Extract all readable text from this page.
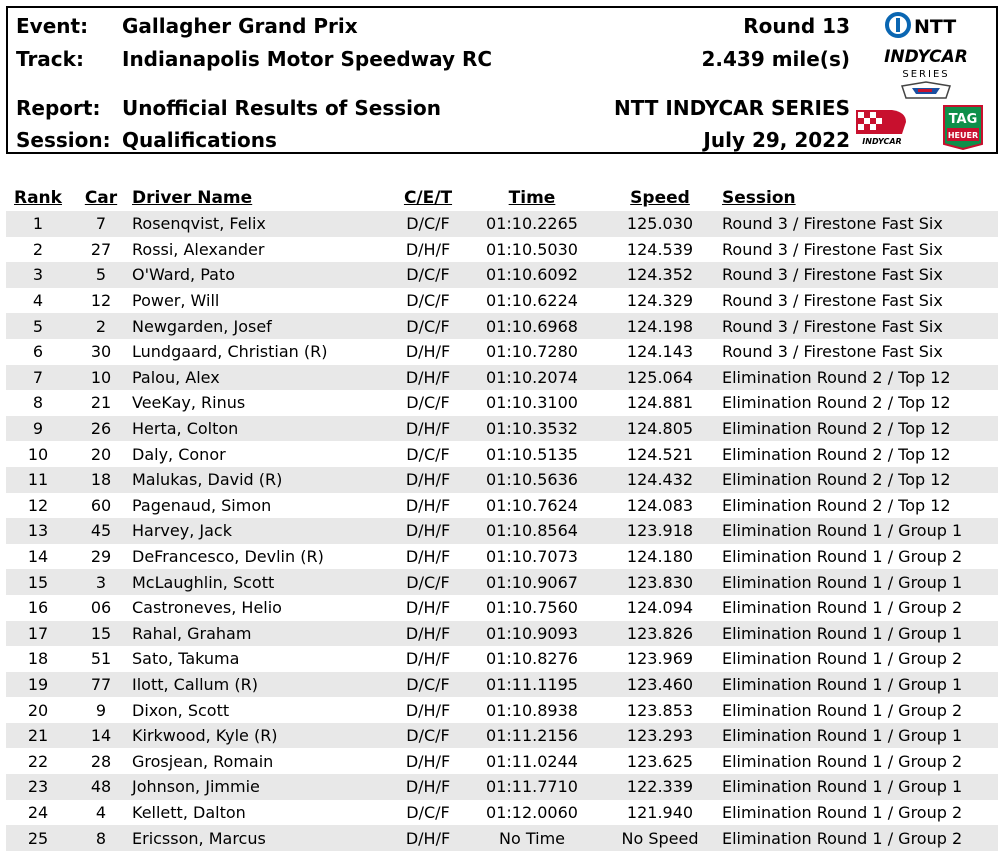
Event: Gallagher Grand Prix
Track: Indianapolis Motor Speedway RC
Report: Unofficial Results of Session
Session: Qualifications
Round 13
2.439 mile(s)
NTT INDYCAR SERIES
July 29, 2022
NTT
INDYCAR
SERIES
INDYCAR
TAG
HEUER
Rank	Car	Driver Name	C/E/T	Time	Speed	Session
1	7	Rosenqvist, Felix	D/C/F	01:10.2265	125.030	Round 3 / Firestone Fast Six
2	27	Rossi, Alexander	D/H/F	01:10.5030	124.539	Round 3 / Firestone Fast Six
3	5	O'Ward, Pato	D/C/F	01:10.6092	124.352	Round 3 / Firestone Fast Six
4	12	Power, Will	D/C/F	01:10.6224	124.329	Round 3 / Firestone Fast Six
5	2	Newgarden, Josef	D/C/F	01:10.6968	124.198	Round 3 / Firestone Fast Six
6	30	Lundgaard, Christian (R)	D/H/F	01:10.7280	124.143	Round 3 / Firestone Fast Six
7	10	Palou, Alex	D/H/F	01:10.2074	125.064	Elimination Round 2 / Top 12
8	21	VeeKay, Rinus	D/C/F	01:10.3100	124.881	Elimination Round 2 / Top 12
9	26	Herta, Colton	D/H/F	01:10.3532	124.805	Elimination Round 2 / Top 12
10	20	Daly, Conor	D/C/F	01:10.5135	124.521	Elimination Round 2 / Top 12
11	18	Malukas, David (R)	D/H/F	01:10.5636	124.432	Elimination Round 2 / Top 12
12	60	Pagenaud, Simon	D/H/F	01:10.7624	124.083	Elimination Round 2 / Top 12
13	45	Harvey, Jack	D/H/F	01:10.8564	123.918	Elimination Round 1 / Group 1
14	29	DeFrancesco, Devlin (R)	D/H/F	01:10.7073	124.180	Elimination Round 1 / Group 2
15	3	McLaughlin, Scott	D/C/F	01:10.9067	123.830	Elimination Round 1 / Group 1
16	06	Castroneves, Helio	D/H/F	01:10.7560	124.094	Elimination Round 1 / Group 2
17	15	Rahal, Graham	D/H/F	01:10.9093	123.826	Elimination Round 1 / Group 1
18	51	Sato, Takuma	D/H/F	01:10.8276	123.969	Elimination Round 1 / Group 2
19	77	Ilott, Callum (R)	D/C/F	01:11.1195	123.460	Elimination Round 1 / Group 1
20	9	Dixon, Scott	D/H/F	01:10.8938	123.853	Elimination Round 1 / Group 2
21	14	Kirkwood, Kyle (R)	D/C/F	01:11.2156	123.293	Elimination Round 1 / Group 1
22	28	Grosjean, Romain	D/H/F	01:11.0244	123.625	Elimination Round 1 / Group 2
23	48	Johnson, Jimmie	D/H/F	01:11.7710	122.339	Elimination Round 1 / Group 1
24	4	Kellett, Dalton	D/C/F	01:12.0060	121.940	Elimination Round 1 / Group 2
25	8	Ericsson, Marcus	D/H/F	No Time	No Speed	Elimination Round 1 / Group 2
